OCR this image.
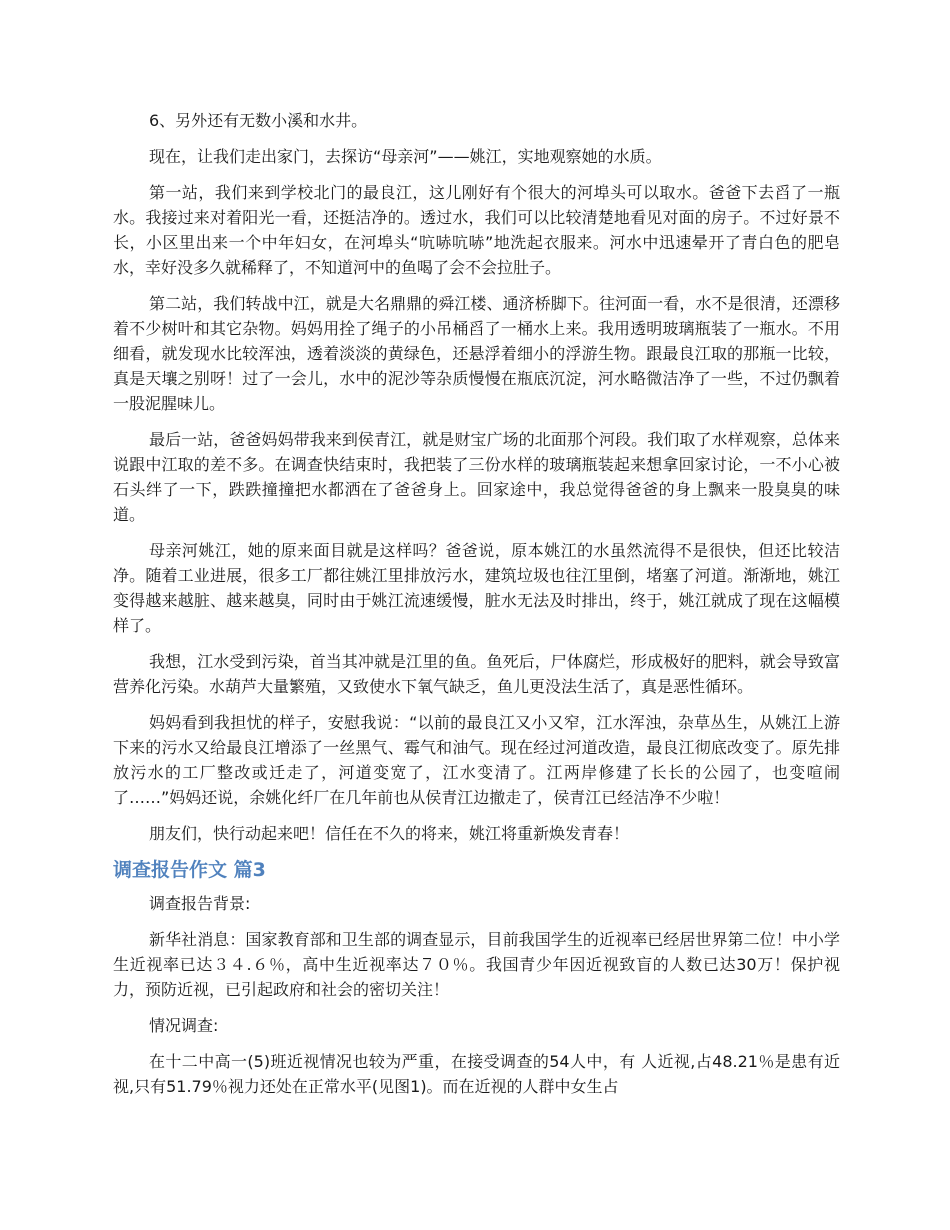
6、另外还有无数小溪和水井。

现在，让我们走出家门，去探访“母亲河”——姚江，实地观察她的水质。

第一站，我们来到学校北门的最良江，这儿刚好有个很大的河埠头可以取水。爸爸下去舀了一瓶水。我接过来对着阳光一看，还挺洁净的。透过水，我们可以比较清楚地看见对面的房子。不过好景不长，小区里出来一个中年妇女，在河埠头“吭哧吭哧”地洗起衣服来。河水中迅速晕开了青白色的肥皂水，幸好没多久就稀释了，不知道河中的鱼喝了会不会拉肚子。

第二站，我们转战中江，就是大名鼎鼎的舜江楼、通济桥脚下。往河面一看，水不是很清，还漂移着不少树叶和其它杂物。妈妈用拴了绳子的小吊桶舀了一桶水上来。我用透明玻璃瓶装了一瓶水。不用细看，就发现水比较浑浊，透着淡淡的黄绿色，还悬浮着细小的浮游生物。跟最良江取的那瓶一比较，真是天壤之别呀！过了一会儿，水中的泥沙等杂质慢慢在瓶底沉淀，河水略微洁净了一些，不过仍飘着一股泥腥味儿。

最后一站，爸爸妈妈带我来到侯青江，就是财宝广场的北面那个河段。我们取了水样观察，总体来说跟中江取的差不多。在调查快结束时，我把装了三份水样的玻璃瓶装起来想拿回家讨论，一不小心被石头绊了一下，跌跌撞撞把水都洒在了爸爸身上。回家途中，我总觉得爸爸的身上飘来一股臭臭的味道。

母亲河姚江，她的原来面目就是这样吗？爸爸说，原本姚江的水虽然流得不是很快，但还比较洁净。随着工业进展，很多工厂都往姚江里排放污水，建筑垃圾也往江里倒，堵塞了河道。渐渐地，姚江变得越来越脏、越来越臭，同时由于姚江流速缓慢，脏水无法及时排出，终于，姚江就成了现在这幅模样了。

我想，江水受到污染，首当其冲就是江里的鱼。鱼死后，尸体腐烂，形成极好的肥料，就会导致富营养化污染。水葫芦大量繁殖，又致使水下氧气缺乏，鱼儿更没法生活了，真是恶性循环。

妈妈看到我担忧的样子，安慰我说：“以前的最良江又小又窄，江水浑浊，杂草丛生，从姚江上游下来的污水又给最良江增添了一丝黑气、霉气和油气。现在经过河道改造，最良江彻底改变了。原先排放污水的工厂整改或迁走了，河道变宽了，江水变清了。江两岸修建了长长的公园了，也变喧闹了……”妈妈还说，余姚化纤厂在几年前也从侯青江边撤走了，侯青江已经洁净不少啦！

朋友们，快行动起来吧！信任在不久的将来，姚江将重新焕发青春！

调查报告作文 篇3

调查报告背景:

新华社消息：国家教育部和卫生部的调查显示，目前我国学生的近视率已经居世界第二位！中小学生近视率已达３４.６％，高中生近视率达７０％。我国青少年因近视致盲的人数已达30万！保护视力，预防近视，已引起政府和社会的密切关注！

情况调查:

在十二中高一(5)班近视情况也较为严重，在接受调查的54人中，有 人近视,占48.21％是患有近视,只有51.79％视力还处在正常水平(见图1)。而在近视的人群中女生占
